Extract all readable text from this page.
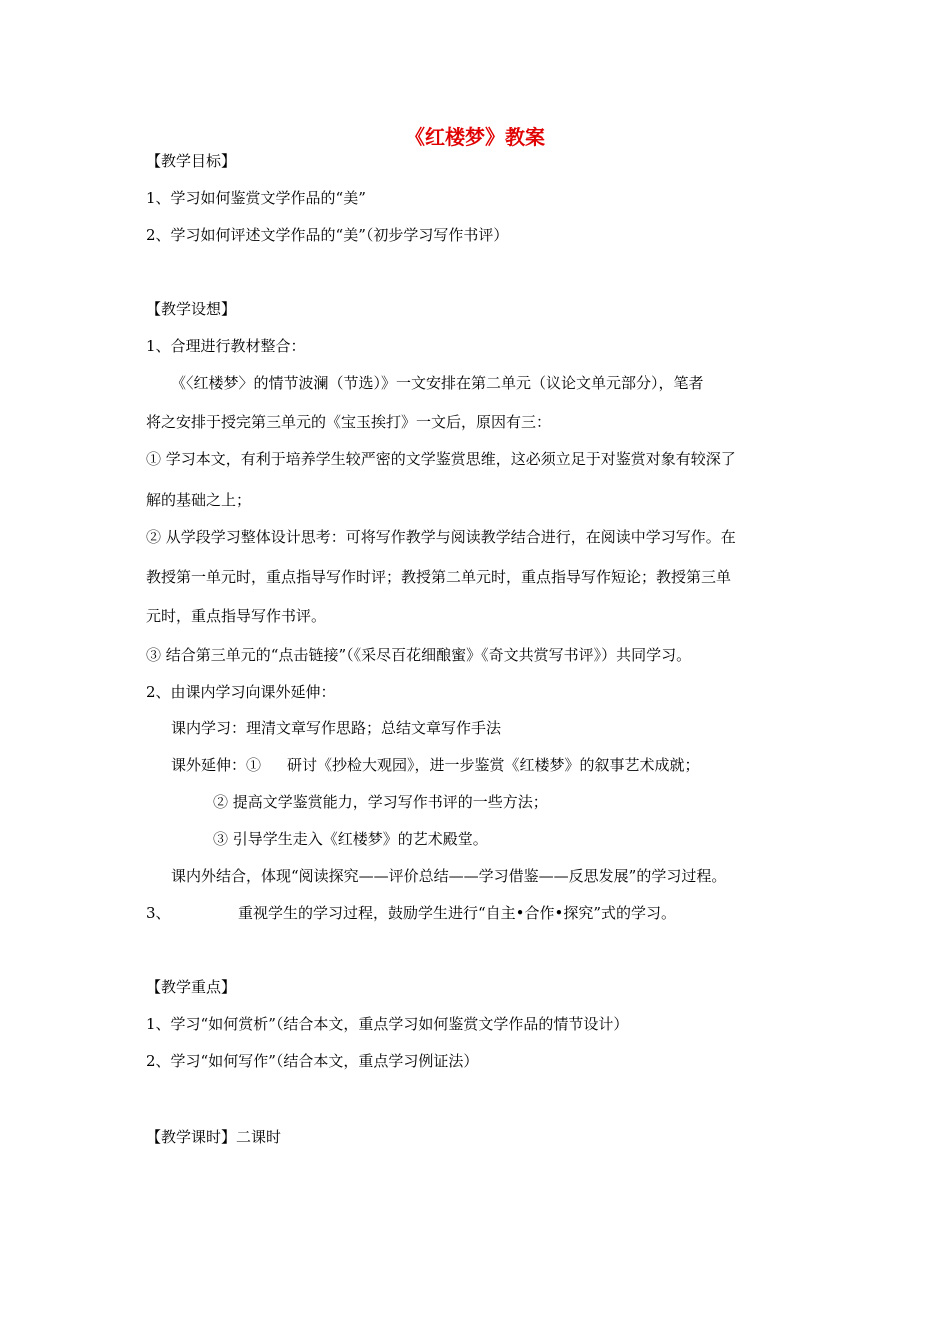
《红楼梦》教案
【教学目标】
1、学习如何鉴赏文学作品的“美”
2、学习如何评述文学作品的“美”（初步学习写作书评）
【教学设想】
1、合理进行教材整合：
《〈红楼梦〉的情节波澜（节选）》一文安排在第二单元（议论文单元部分），笔者
将之安排于授完第三单元的《宝玉挨打》一文后，原因有三：
① 学习本文，有利于培养学生较严密的文学鉴赏思维，这必须立足于对鉴赏对象有较深了
解的基础之上；
② 从学段学习整体设计思考：可将写作教学与阅读教学结合进行，在阅读中学习写作。在
教授第一单元时，重点指导写作时评；教授第二单元时，重点指导写作短论；教授第三单
元时，重点指导写作书评。
③ 结合第三单元的“点击链接”（《采尽百花细酿蜜》《奇文共赏写书评》）共同学习。
2、由课内学习向课外延伸：
课内学习：理清文章写作思路；总结文章写作手法
课外延伸：① 研讨《抄检大观园》，进一步鉴赏《红楼梦》的叙事艺术成就；
② 提高文学鉴赏能力，学习写作书评的一些方法；
③ 引导学生走入《红楼梦》的艺术殿堂。
课内外结合，体现“阅读探究——评价总结——学习借鉴——反思发展”的学习过程。
3、	重视学生的学习过程，鼓励学生进行“自主•合作•探究”式的学习。
【教学重点】
1、学习“如何赏析”（结合本文，重点学习如何鉴赏文学作品的情节设计）
2、学习“如何写作”（结合本文，重点学习例证法）
【教学课时】二课时
